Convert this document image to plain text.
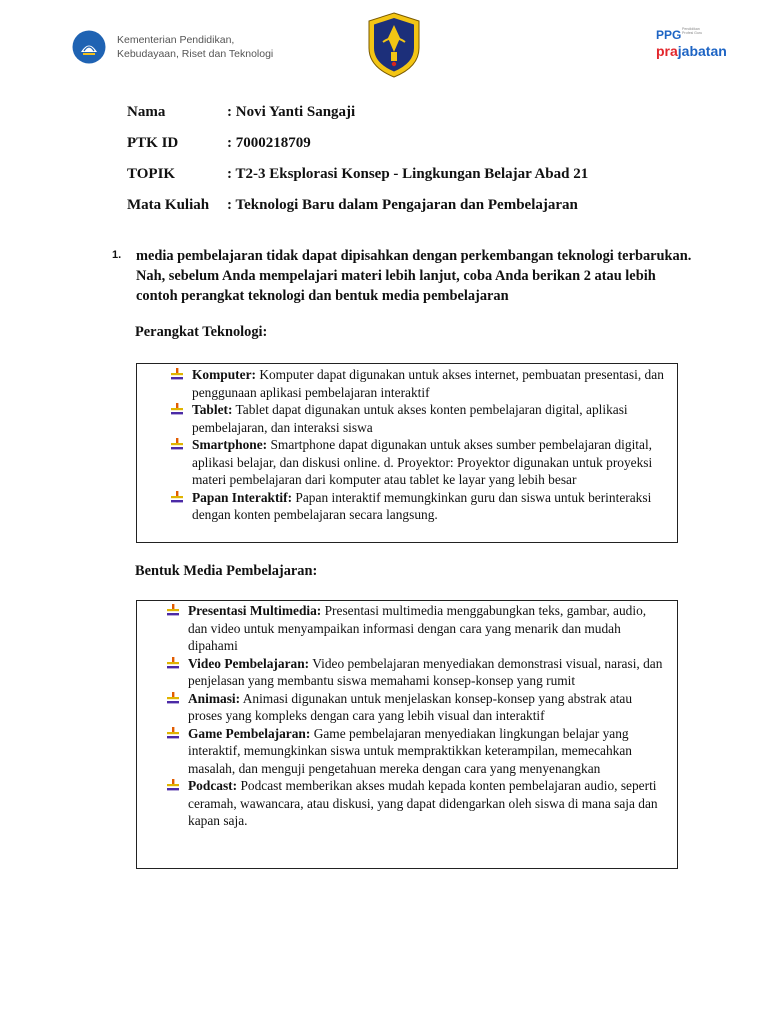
Kementerian Pendidikan,
Kebudayaan, Riset dan Teknologi
PPG Pendidikan Profesi Guru
prajabatan
Nama	: Novi Yanti Sangaji
PTK ID	: 7000218709
TOPIK	: T2-3 Eksplorasi Konsep - Lingkungan Belajar Abad 21
Mata Kuliah : Teknologi Baru dalam Pengajaran dan Pembelajaran
1. media pembelajaran tidak dapat dipisahkan dengan perkembangan teknologi terbarukan. Nah, sebelum Anda mempelajari materi lebih lanjut, coba Anda berikan 2 atau lebih contoh perangkat teknologi dan bentuk media pembelajaran
Perangkat Teknologi:
Komputer: Komputer dapat digunakan untuk akses internet, pembuatan presentasi, dan penggunaan aplikasi pembelajaran interaktif
Tablet: Tablet dapat digunakan untuk akses konten pembelajaran digital, aplikasi pembelajaran, dan interaksi siswa
Smartphone: Smartphone dapat digunakan untuk akses sumber pembelajaran digital, aplikasi belajar, dan diskusi online. d. Proyektor: Proyektor digunakan untuk proyeksi materi pembelajaran dari komputer atau tablet ke layar yang lebih besar
Papan Interaktif: Papan interaktif memungkinkan guru dan siswa untuk berinteraksi dengan konten pembelajaran secara langsung.
Bentuk Media Pembelajaran:
Presentasi Multimedia: Presentasi multimedia menggabungkan teks, gambar, audio, dan video untuk menyampaikan informasi dengan cara yang menarik dan mudah dipahami
Video Pembelajaran: Video pembelajaran menyediakan demonstrasi visual, narasi, dan penjelasan yang membantu siswa memahami konsep-konsep yang rumit
Animasi: Animasi digunakan untuk menjelaskan konsep-konsep yang abstrak atau proses yang kompleks dengan cara yang lebih visual dan interaktif
Game Pembelajaran: Game pembelajaran menyediakan lingkungan belajar yang interaktif, memungkinkan siswa untuk mempraktikkan keterampilan, memecahkan masalah, dan menguji pengetahuan mereka dengan cara yang menyenangkan
Podcast: Podcast memberikan akses mudah kepada konten pembelajaran audio, seperti ceramah, wawancara, atau diskusi, yang dapat didengarkan oleh siswa di mana saja dan kapan saja.
